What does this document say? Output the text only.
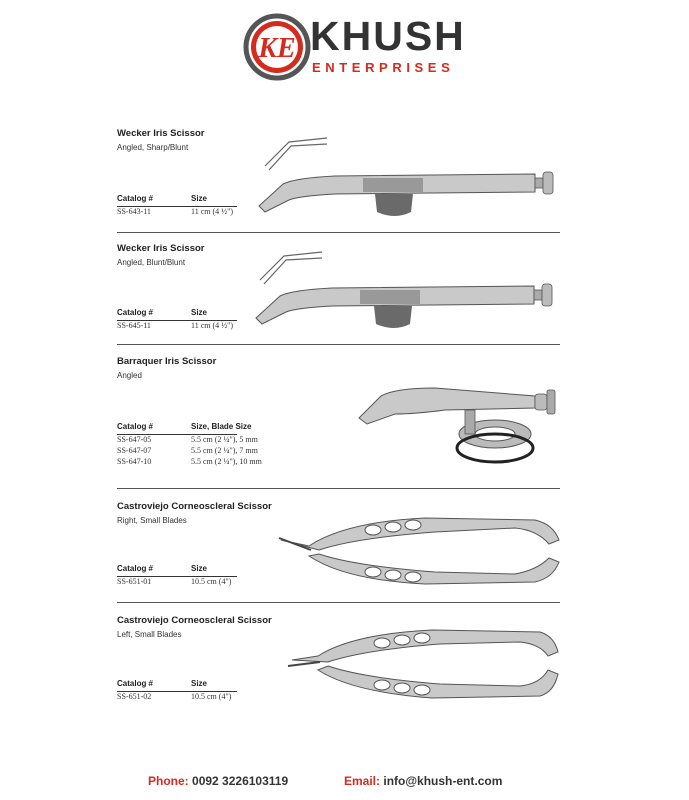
KE KHUSH
ENTERPRISES
Wecker Iris Scissor
Angled, Sharp/Blunt
Catalog #	Size
SS-643-11	11 cm (4 ½")
Wecker Iris Scissor
Angled, Blunt/Blunt
Catalog #	Size
SS-645-11	11 cm (4 ½")
Barraquer Iris Scissor
Angled
Catalog #	Size, Blade Size
SS-647-05	5.5 cm (2 ¼"), 5 mm
SS-647-07	5.5 cm (2 ¼"), 7 mm
SS-647-10	5.5 cm (2 ¼"), 10 mm
Castroviejo Corneoscleral Scissor
Right, Small Blades
Catalog #	Size
SS-651-01	10.5 cm (4")
Castroviejo Corneoscleral Scissor
Left, Small Blades
Catalog #	Size
SS-651-02	10.5 cm (4")
Phone: 0092 3226103119	Email: info@khush-ent.com
